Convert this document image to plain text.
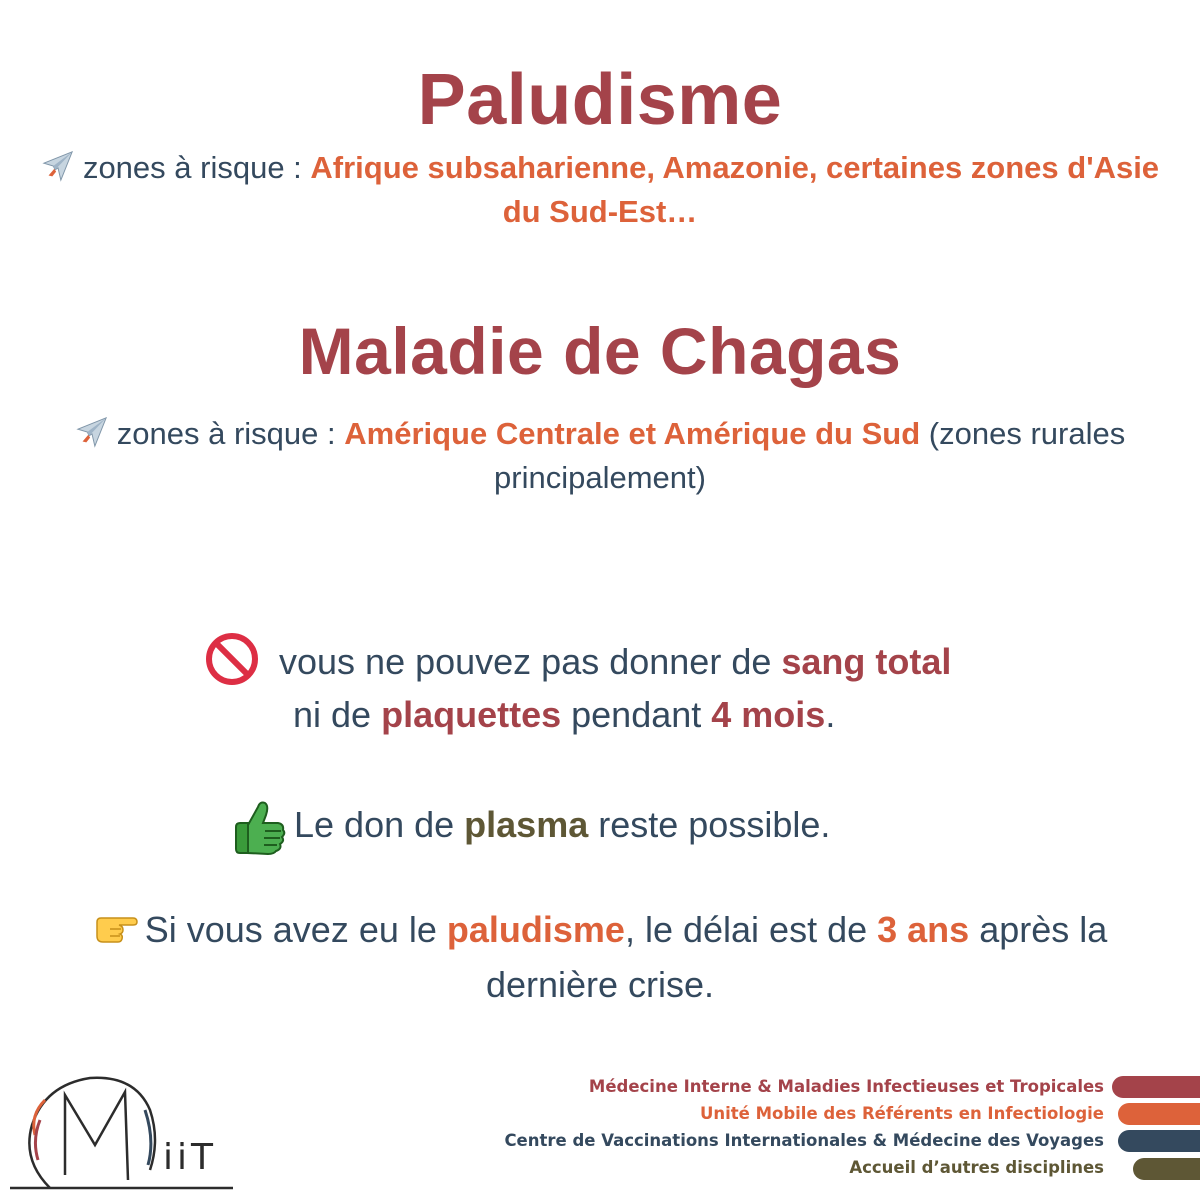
Paludisme
zones à risque : Afrique subsaharienne, Amazonie, certaines zones d'Asie du Sud-Est…
Maladie de Chagas
zones à risque : Amérique Centrale et Amérique du Sud (zones rurales principalement)
vous ne pouvez pas donner de sang total
ni de plaquettes pendant 4 mois.
Le don de plasma reste possible.
Si vous avez eu le paludisme, le délai est de 3 ans après la
dernière crise.
iiT
Médecine Interne & Maladies Infectieuses et Tropicales
Unité Mobile des Référents en Infectiologie
Centre de Vaccinations Internationales & Médecine des Voyages
Accueil d’autres disciplines
